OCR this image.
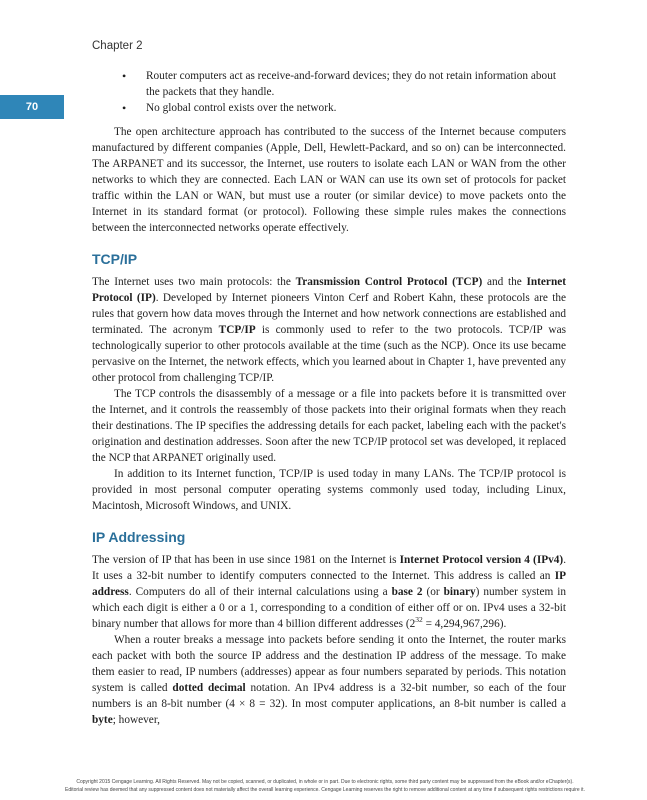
Chapter 2
70
• Router computers act as receive-and-forward devices; they do not retain information about the packets that they handle.
• No global control exists over the network.

The open architecture approach has contributed to the success of the Internet because computers manufactured by different companies (Apple, Dell, Hewlett-Packard, and so on) can be interconnected. The ARPANET and its successor, the Internet, use routers to isolate each LAN or WAN from the other networks to which they are connected. Each LAN or WAN can use its own set of protocols for packet traffic within the LAN or WAN, but must use a router (or similar device) to move packets onto the Internet in its standard format (or protocol). Following these simple rules makes the connections between the interconnected networks operate effectively.

TCP/IP

The Internet uses two main protocols: the Transmission Control Protocol (TCP) and the Internet Protocol (IP). Developed by Internet pioneers Vinton Cerf and Robert Kahn, these protocols are the rules that govern how data moves through the Internet and how network connections are established and terminated. The acronym TCP/IP is commonly used to refer to the two protocols. TCP/IP was technologically superior to other protocols available at the time (such as the NCP). Once its use became pervasive on the Internet, the network effects, which you learned about in Chapter 1, have prevented any other protocol from challenging TCP/IP.

The TCP controls the disassembly of a message or a file into packets before it is transmitted over the Internet, and it controls the reassembly of those packets into their original formats when they reach their destinations. The IP specifies the addressing details for each packet, labeling each with the packet's origination and destination addresses. Soon after the new TCP/IP protocol set was developed, it replaced the NCP that ARPANET originally used.

In addition to its Internet function, TCP/IP is used today in many LANs. The TCP/IP protocol is provided in most personal computer operating systems commonly used today, including Linux, Macintosh, Microsoft Windows, and UNIX.

IP Addressing

The version of IP that has been in use since 1981 on the Internet is Internet Protocol version 4 (IPv4). It uses a 32-bit number to identify computers connected to the Internet. This address is called an IP address. Computers do all of their internal calculations using a base 2 (or binary) number system in which each digit is either a 0 or a 1, corresponding to a condition of either off or on. IPv4 uses a 32-bit binary number that allows for more than 4 billion different addresses $(2^{32} = 4,294,967,296)$.

When a router breaks a message into packets before sending it onto the Internet, the router marks each packet with both the source IP address and the destination IP address of the message. To make them easier to read, IP numbers (addresses) appear as four numbers separated by periods. This notation system is called dotted decimal notation. An IPv4 address is a 32-bit number, so each of the four numbers is an 8-bit number (4 × 8 = 32). In most computer applications, an 8-bit number is called a byte; however,

Copyright 2015 Cengage Learning. All Rights Reserved. May not be copied, scanned, or duplicated, in whole or in part. Due to electronic rights, some third party content may be suppressed from the eBook and/or eChapter(s).
Editorial review has deemed that any suppressed content does not materially affect the overall learning experience. Cengage Learning reserves the right to remove additional content at any time if subsequent rights restrictions require it.
